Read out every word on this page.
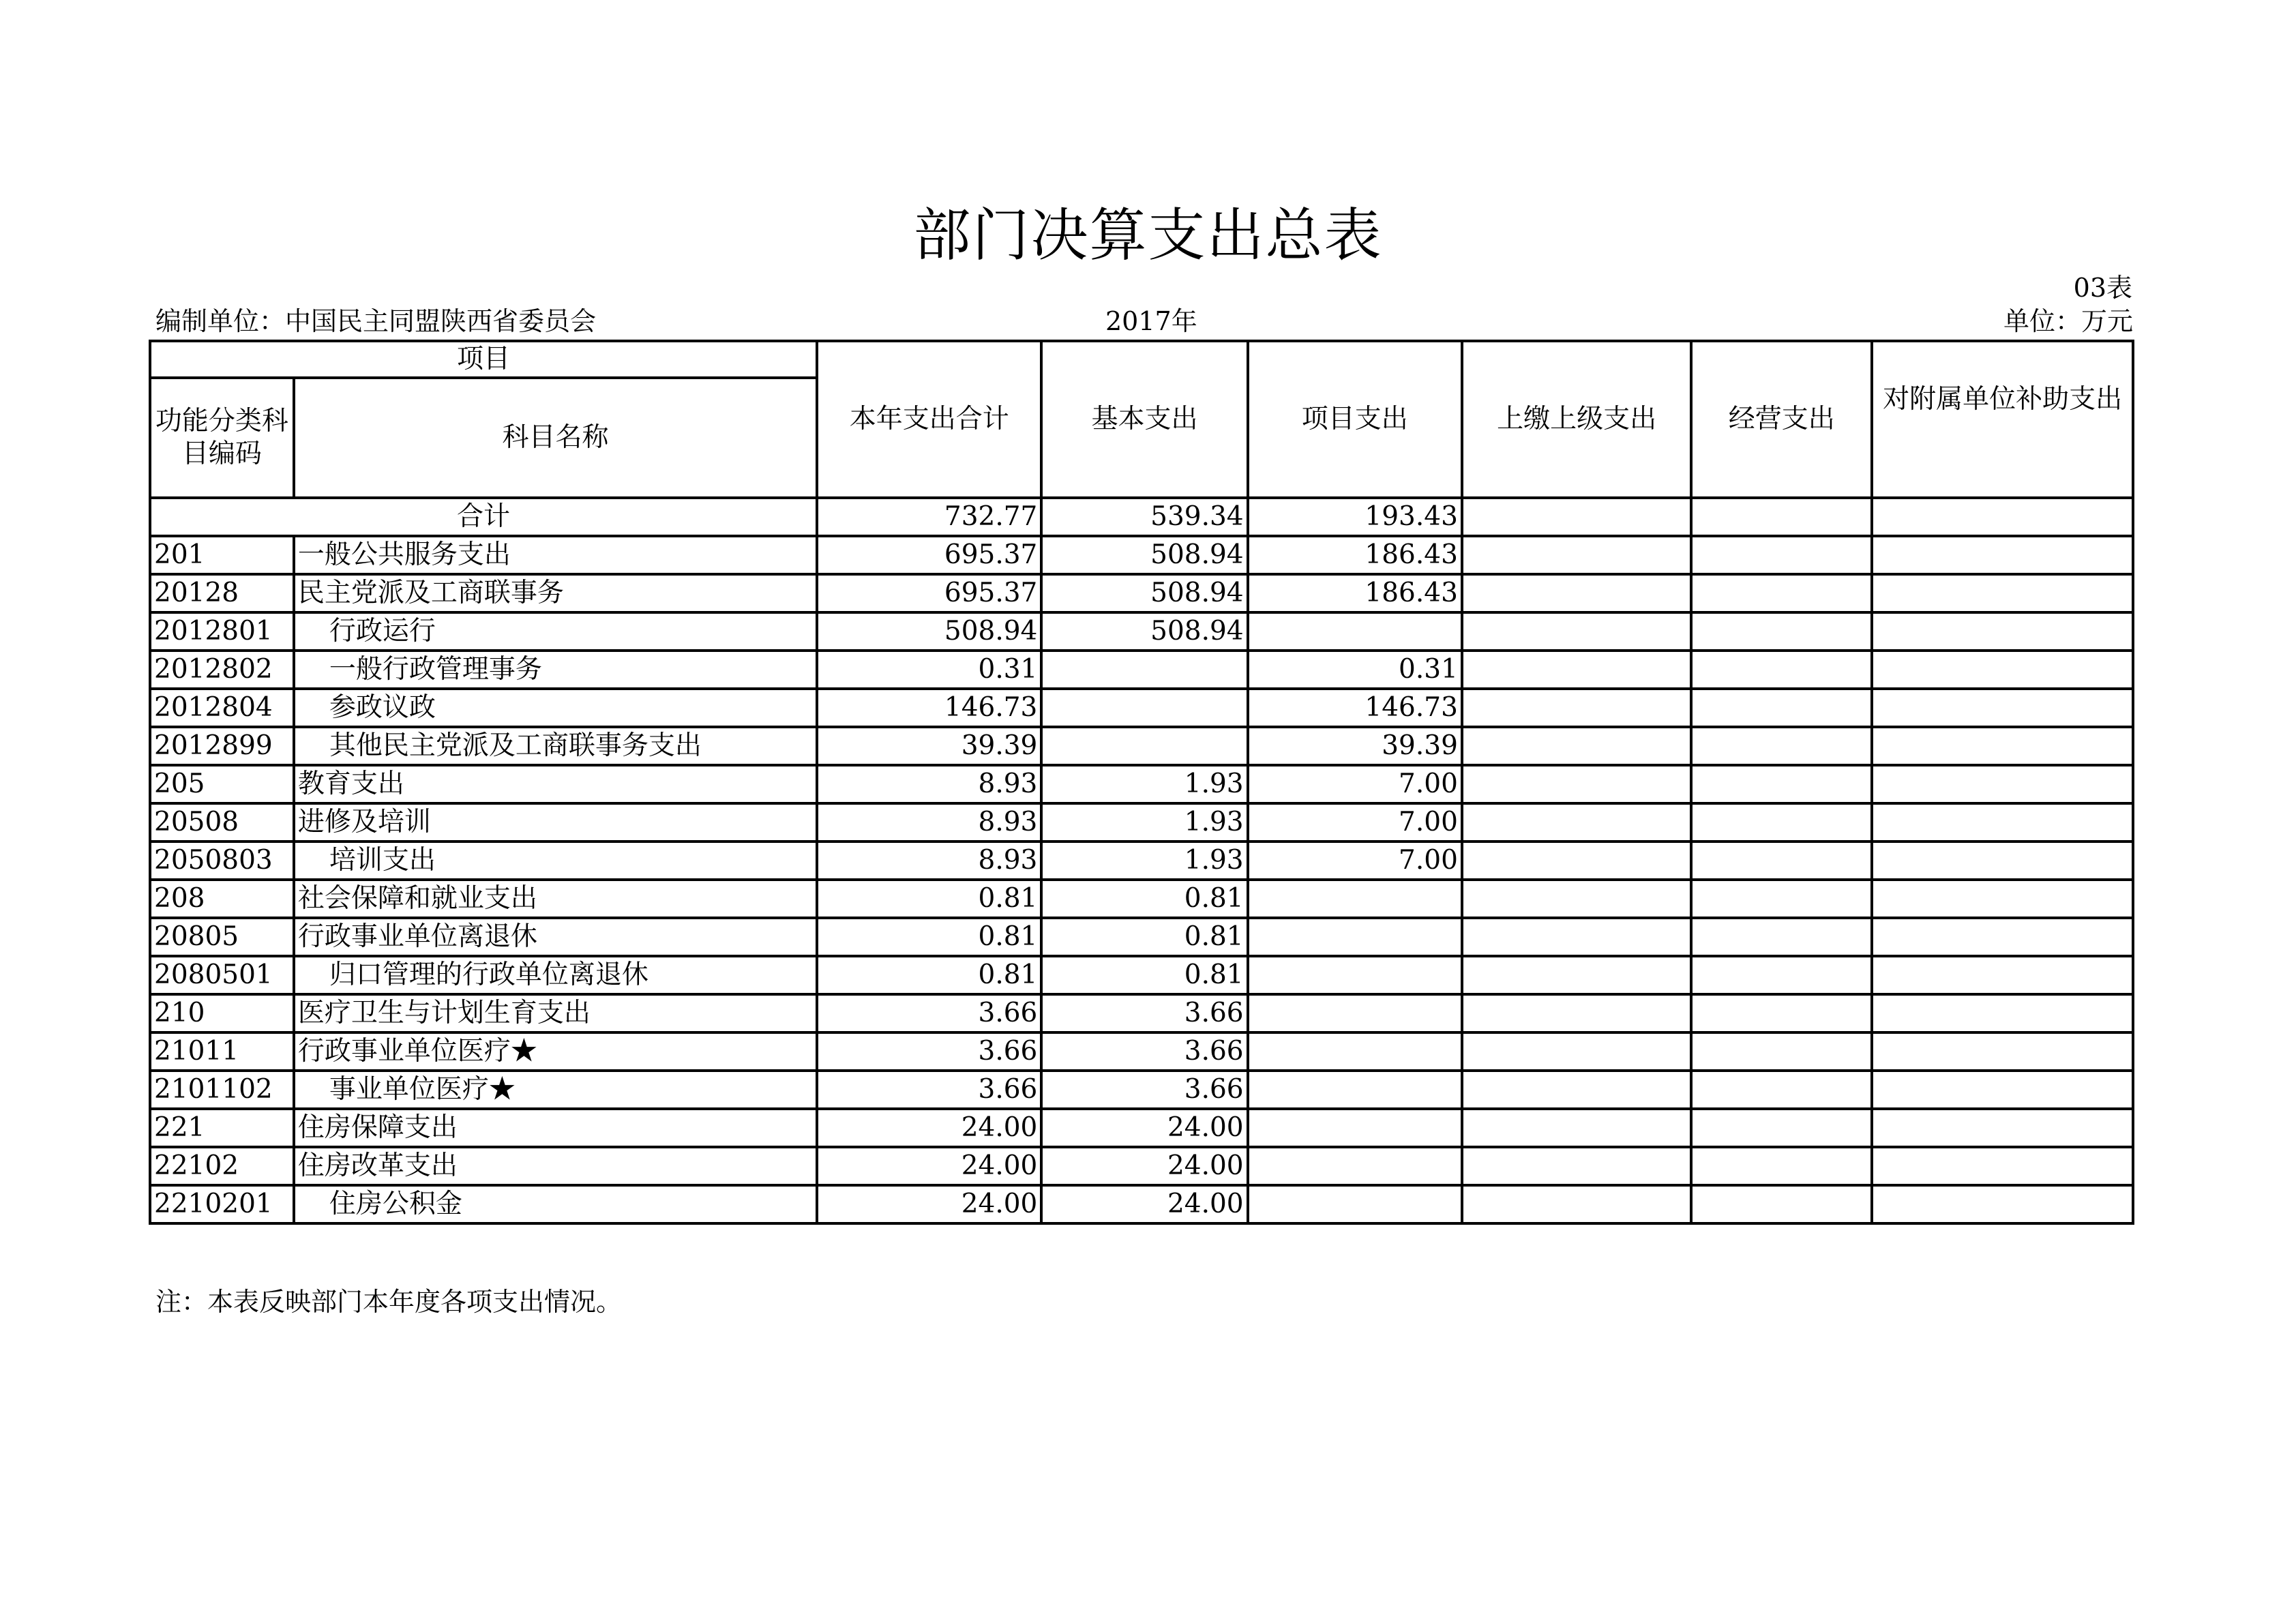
部门决算支出总表
03表
编制单位：中国民主同盟陕西省委员会	2017年	单位：万元
项目		本年支出合计	基本支出	项目支出	上缴上级支出	经营支出	对附属单位补助支出
功能分类科目编码	科目名称						
合计		732.77	539.34	193.43			
201	一般公共服务支出	695.37	508.94	186.43			
20128	民主党派及工商联事务	695.37	508.94	186.43			
2012801	行政运行	508.94	508.94				
2012802	一般行政管理事务	0.31		0.31			
2012804	参政议政	146.73		146.73			
2012899	其他民主党派及工商联事务支出	39.39		39.39			
205	教育支出	8.93	1.93	7.00			
20508	进修及培训	8.93	1.93	7.00			
2050803	培训支出	8.93	1.93	7.00			
208	社会保障和就业支出	0.81	0.81				
20805	行政事业单位离退休	0.81	0.81				
2080501	归口管理的行政单位离退休	0.81	0.81				
210	医疗卫生与计划生育支出	3.66	3.66				
21011	行政事业单位医疗★	3.66	3.66				
2101102	事业单位医疗★	3.66	3.66				
221	住房保障支出	24.00	24.00				
22102	住房改革支出	24.00	24.00				
2210201	住房公积金	24.00	24.00				
注：本表反映部门本年度各项支出情况。
